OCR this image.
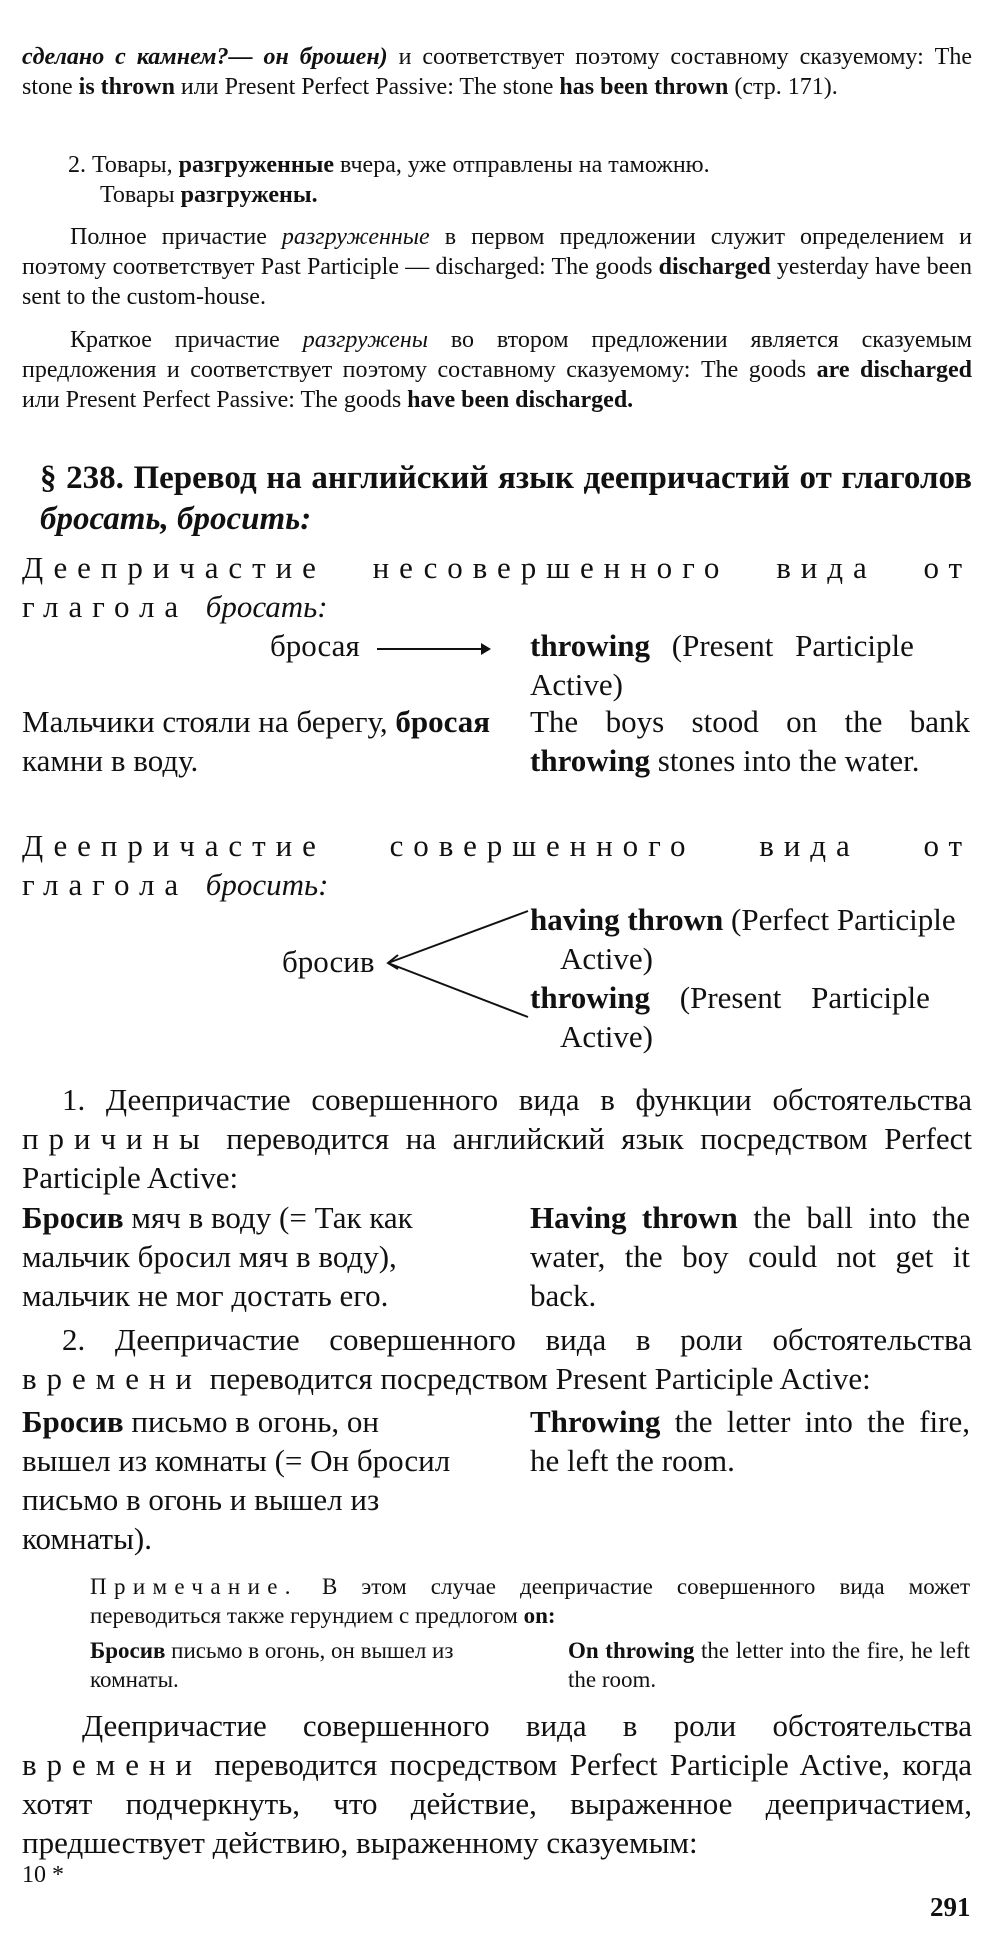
сделано с камнем?— он брошен) и соответствует поэтому составному сказуемому: The stone is thrown или Present Perfect Passive: The stone has been thrown (стр. 171).
2. Товары, разгруженные вчера, уже отправлены на таможню.
Товары разгружены.
Полное причастие разгруженные в первом предложении служит определением и поэтому соответствует Past Participle — discharged: The goods discharged yesterday have been sent to the custom-house.
Краткое причастие разгружены во втором предложении является сказуемым предложения и соответствует поэтому составному сказуемому: The goods are discharged или Present Perfect Passive: The goods have been discharged.
§ 238. Перевод на английский язык деепричастий от глаголов бросать, бросить:
Деепричастие несовершенного вида от глагола бросать:
бросая	throwing (Present Participle Active)
Мальчики стояли на берегу, бросая камни в воду.
The boys stood on the bank throwing stones into the water.
Деепричастие совершенного вида от глагола бросить:
бросив
having thrown (Perfect Participle
Active)
throwing (Present Participle
Active)
1. Деепричастие совершенного вида в функции обстоятельства причины переводится на английский язык посредством Perfect Participle Active:
Бросив мяч в воду (= Так как мальчик бросил мяч в воду), мальчик не мог достать его.
Having thrown the ball into the water, the boy could not get it back.
2. Деепричастие совершенного вида в роли обстоятельства времени переводится посредством Present Participle Active:
Бросив письмо в огонь, он вышел из комнаты (= Он бросил письмо в огонь и вышел из комнаты).
Throwing the letter into the fire, he left the room.
Примечание. В этом случае деепричастие совершенного вида может переводиться также герундием с предлогом on:
Бросив письмо в огонь, он вышел из комнаты.
On throwing the letter into the fire, he left the room.
Деепричастие совершенного вида в роли обстоятельства времени переводится посредством Perfect Participle Active, когда хотят подчеркнуть, что действие, выраженное деепричастием, предшествует действию, выраженному сказуемым:
10 *
291
